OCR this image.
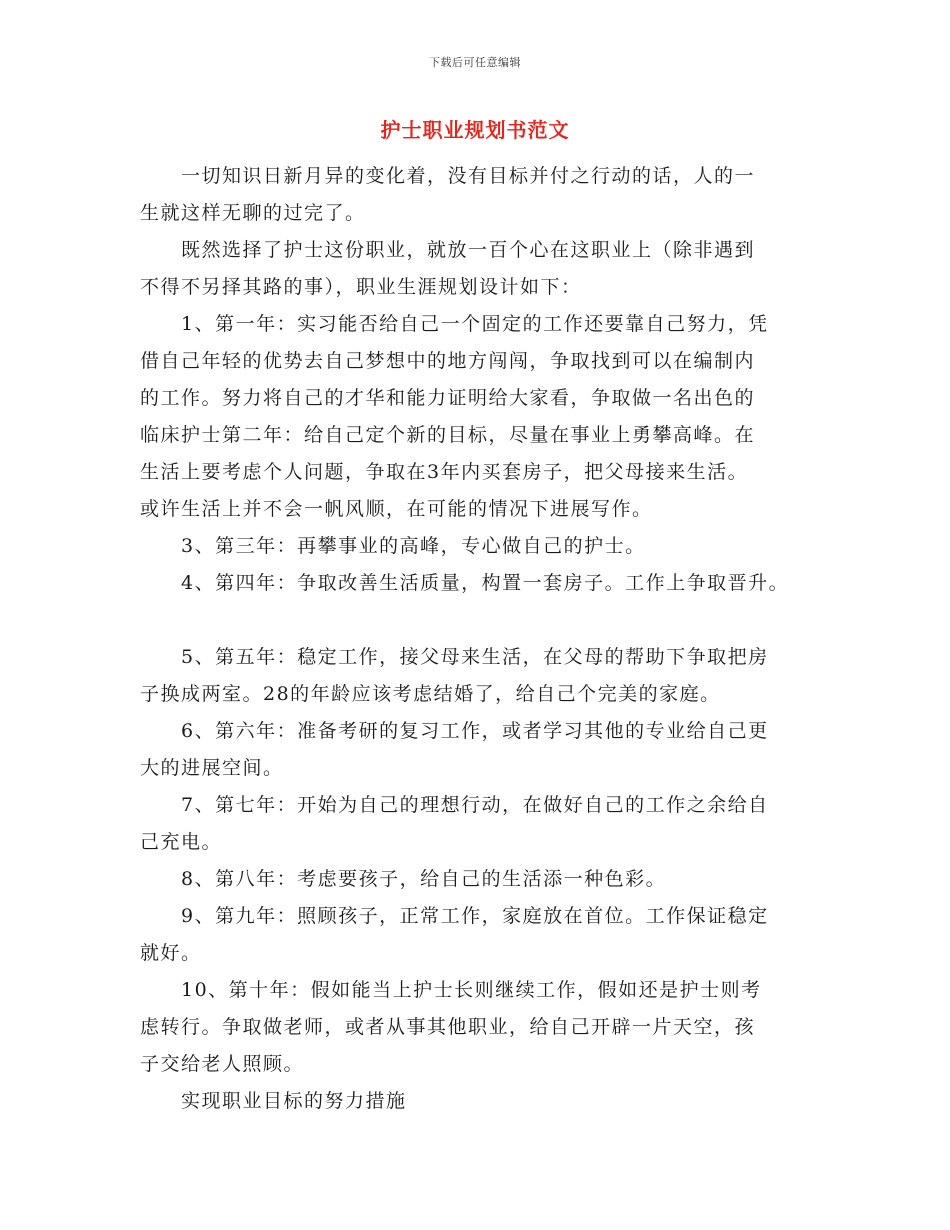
下载后可任意编辑
护士职业规划书范文
　　一切知识日新月异的变化着，没有目标并付之行动的话，人的一
生就这样无聊的过完了。
　　既然选择了护士这份职业，就放一百个心在这职业上（除非遇到
不得不另择其路的事），职业生涯规划设计如下：
　　1、第一年：实习能否给自己一个固定的工作还要靠自己努力，凭
借自己年轻的优势去自己梦想中的地方闯闯，争取找到可以在编制内
的工作。努力将自己的才华和能力证明给大家看，争取做一名出色的
临床护士第二年：给自己定个新的目标，尽量在事业上勇攀高峰。在
生活上要考虑个人问题，争取在3年内买套房子，把父母接来生活。
或许生活上并不会一帆风顺，在可能的情况下进展写作。
　　3、第三年：再攀事业的高峰，专心做自己的护士。
　　4、第四年：争取改善生活质量，构置一套房子。工作上争取晋升。
　　5、第五年：稳定工作，接父母来生活，在父母的帮助下争取把房
子换成两室。28的年龄应该考虑结婚了，给自己个完美的家庭。
　　6、第六年：准备考研的复习工作，或者学习其他的专业给自己更
大的进展空间。
　　7、第七年：开始为自己的理想行动，在做好自己的工作之余给自
己充电。
　　8、第八年：考虑要孩子，给自己的生活添一种色彩。
　　9、第九年：照顾孩子，正常工作，家庭放在首位。工作保证稳定
就好。
　　10、第十年：假如能当上护士长则继续工作，假如还是护士则考
虑转行。争取做老师，或者从事其他职业，给自己开辟一片天空，孩
子交给老人照顾。
　　实现职业目标的努力措施
